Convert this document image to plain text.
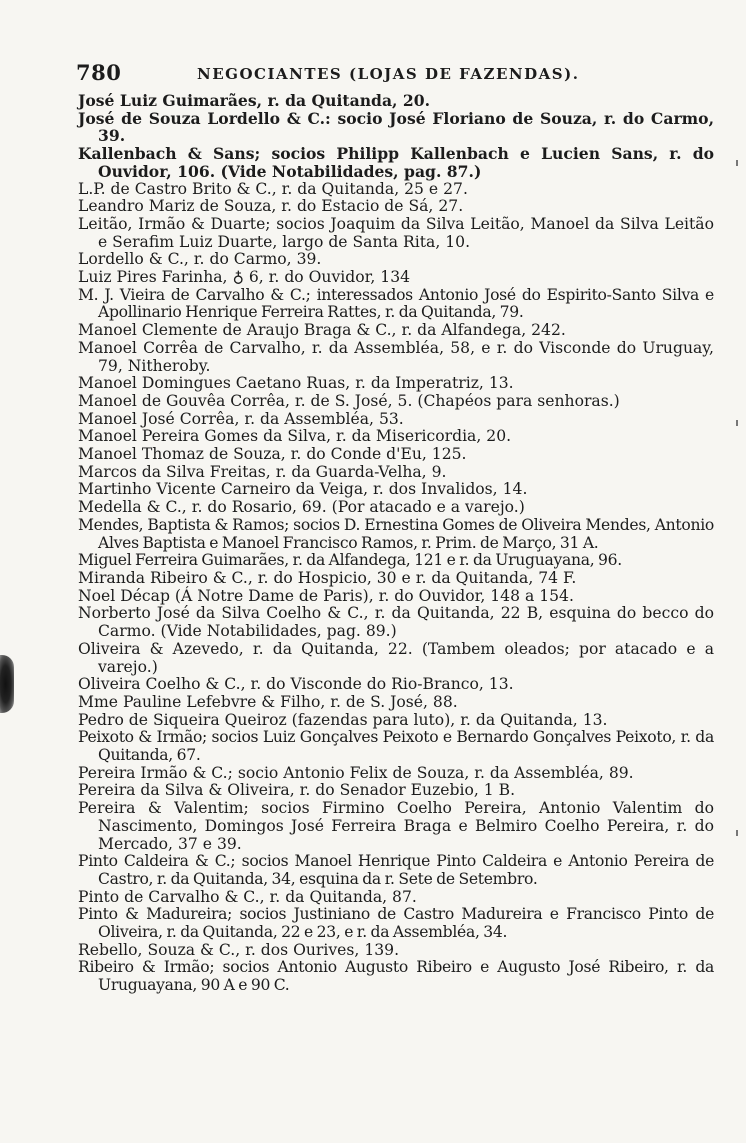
780	NEGOCIANTES (LOJAS DE FAZENDAS).

José Luiz Guimarães, r. da Quitanda, 20.

José de Souza Lordello & C.: socio José Floriano de Souza, r. do Carmo, 39.

Kallenbach & Sans; socios Philipp Kallenbach e Lucien Sans, r. do Ouvidor, 106. (Vide Notabilidades, pag. 87.)

L.P. de Castro Brito & C., r. da Quitanda, 25 e 27.

Leandro Mariz de Souza, r. do Estacio de Sá, 27.

Leitão, Irmão & Duarte; socios Joaquim da Silva Leitão, Manoel da Silva Leitão e Serafim Luiz Duarte, largo de Santa Rita, 10.

Lordello & C., r. do Carmo, 39.

Luiz Pires Farinha, ♁ 6, r. do Ouvidor, 134

M. J. Vieira de Carvalho & C.; interessados Antonio José do Espirito-Santo Silva e Apollinario Henrique Ferreira Rattes, r. da Quitanda, 79.

Manoel Clemente de Araujo Braga & C., r. da Alfandega, 242.

Manoel Corrêa de Carvalho, r. da Assembléa, 58, e r. do Visconde do Uruguay, 79, Nitheroby.

Manoel Domingues Caetano Ruas, r. da Imperatriz, 13.

Manoel de Gouvêa Corrêa, r. de S. José, 5. (Chapéos para senhoras.)

Manoel José Corrêa, r. da Assembléa, 53.

Manoel Pereira Gomes da Silva, r. da Misericordia, 20.

Manoel Thomaz de Souza, r. do Conde d'Eu, 125.

Marcos da Silva Freitas, r. da Guarda-Velha, 9.

Martinho Vicente Carneiro da Veiga, r. dos Invalidos, 14.

Medella & C., r. do Rosario, 69. (Por atacado e a varejo.)

Mendes, Baptista & Ramos; socios D. Ernestina Gomes de Oliveira Mendes, Antonio Alves Baptista e Manoel Francisco Ramos, r. Prim. de Março, 31 A.

Miguel Ferreira Guimarães, r. da Alfandega, 121 e r. da Uruguayana, 96.

Miranda Ribeiro & C., r. do Hospicio, 30 e r. da Quitanda, 74 F.

Noel Décap (Á Notre Dame de Paris), r. do Ouvidor, 148 a 154.

Norberto José da Silva Coelho & C., r. da Quitanda, 22 B, esquina do becco do Carmo. (Vide Notabilidades, pag. 89.)

Oliveira & Azevedo, r. da Quitanda, 22. (Tambem oleados; por atacado e a varejo.)

Oliveira Coelho & C., r. do Visconde do Rio-Branco, 13.

Mme Pauline Lefebvre & Filho, r. de S. José, 88.

Pedro de Siqueira Queiroz (fazendas para luto), r. da Quitanda, 13.

Peixoto & Irmão; socios Luiz Gonçalves Peixoto e Bernardo Gonçalves Peixoto, r. da Quitanda, 67.

Pereira Irmão & C.; socio Antonio Felix de Souza, r. da Assembléa, 89.

Pereira da Silva & Oliveira, r. do Senador Euzebio, 1 B.

Pereira & Valentim; socios Firmino Coelho Pereira, Antonio Valentim do Nascimento, Domingos José Ferreira Braga e Belmiro Coelho Pereira, r. do Mercado, 37 e 39.

Pinto Caldeira & C.; socios Manoel Henrique Pinto Caldeira e Antonio Pereira de Castro, r. da Quitanda, 34, esquina da r. Sete de Setembro.

Pinto de Carvalho & C., r. da Quitanda, 87.

Pinto & Madureira; socios Justiniano de Castro Madureira e Francisco Pinto de Oliveira, r. da Quitanda, 22 e 23, e r. da Assembléa, 34.

Rebello, Souza & C., r. dos Ourives, 139.

Ribeiro & Irmão; socios Antonio Augusto Ribeiro e Augusto José Ribeiro, r. da Uruguayana, 90 A e 90 C.
